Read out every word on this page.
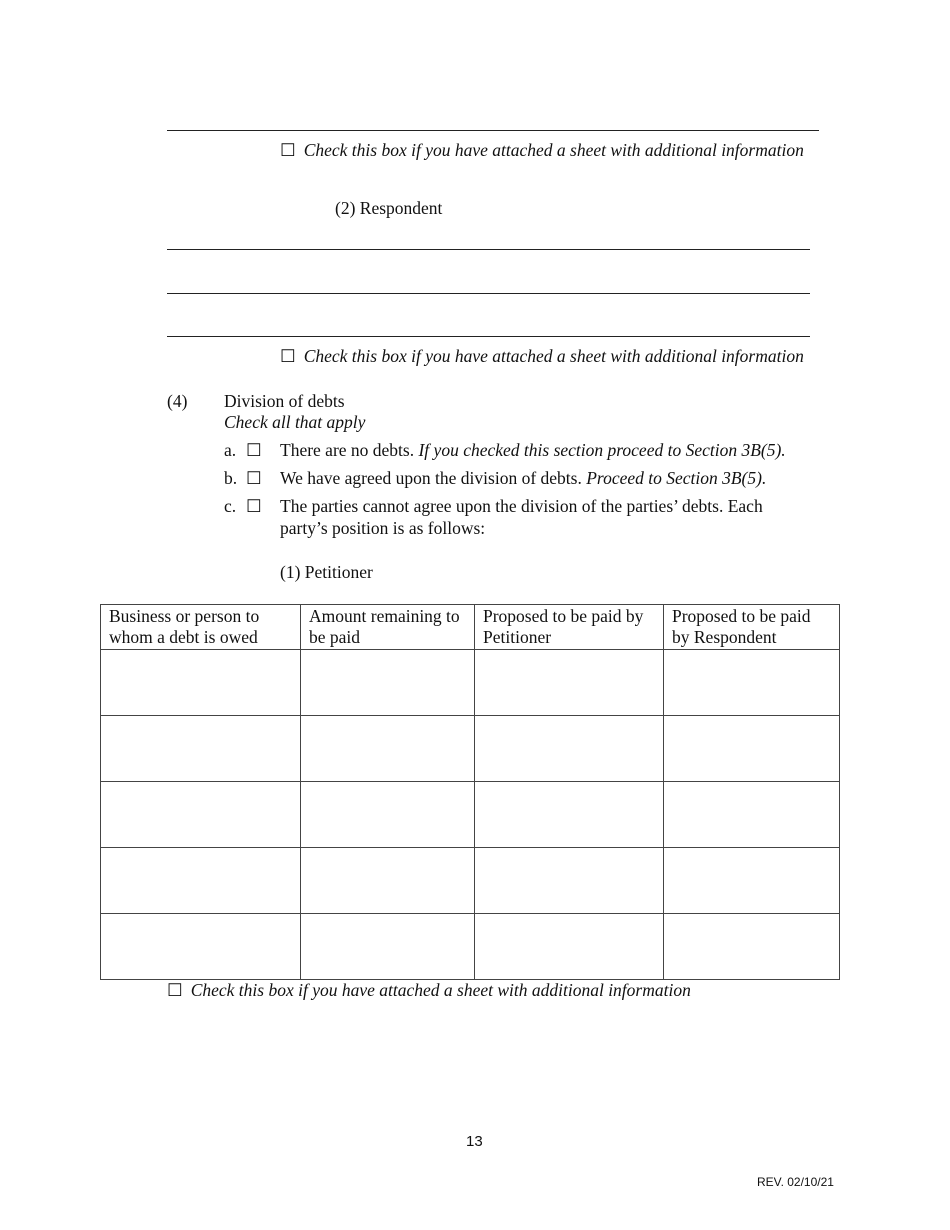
☐ Check this box if you have attached a sheet with additional information
(2) Respondent
☐ Check this box if you have attached a sheet with additional information
(4) Division of debts
Check all that apply
a. ☐ There are no debts. If you checked this section proceed to Section 3B(5).
b. ☐ We have agreed upon the division of debts. Proceed to Section 3B(5).
c. ☐ The parties cannot agree upon the division of the parties’ debts. Each
party’s position is as follows:
(1) Petitioner
Business or person to whom a debt is owed	Amount remaining to be paid	Proposed to be paid by Petitioner	Proposed to be paid by Respondent

☐ Check this box if you have attached a sheet with additional information
13
REV. 02/10/21
